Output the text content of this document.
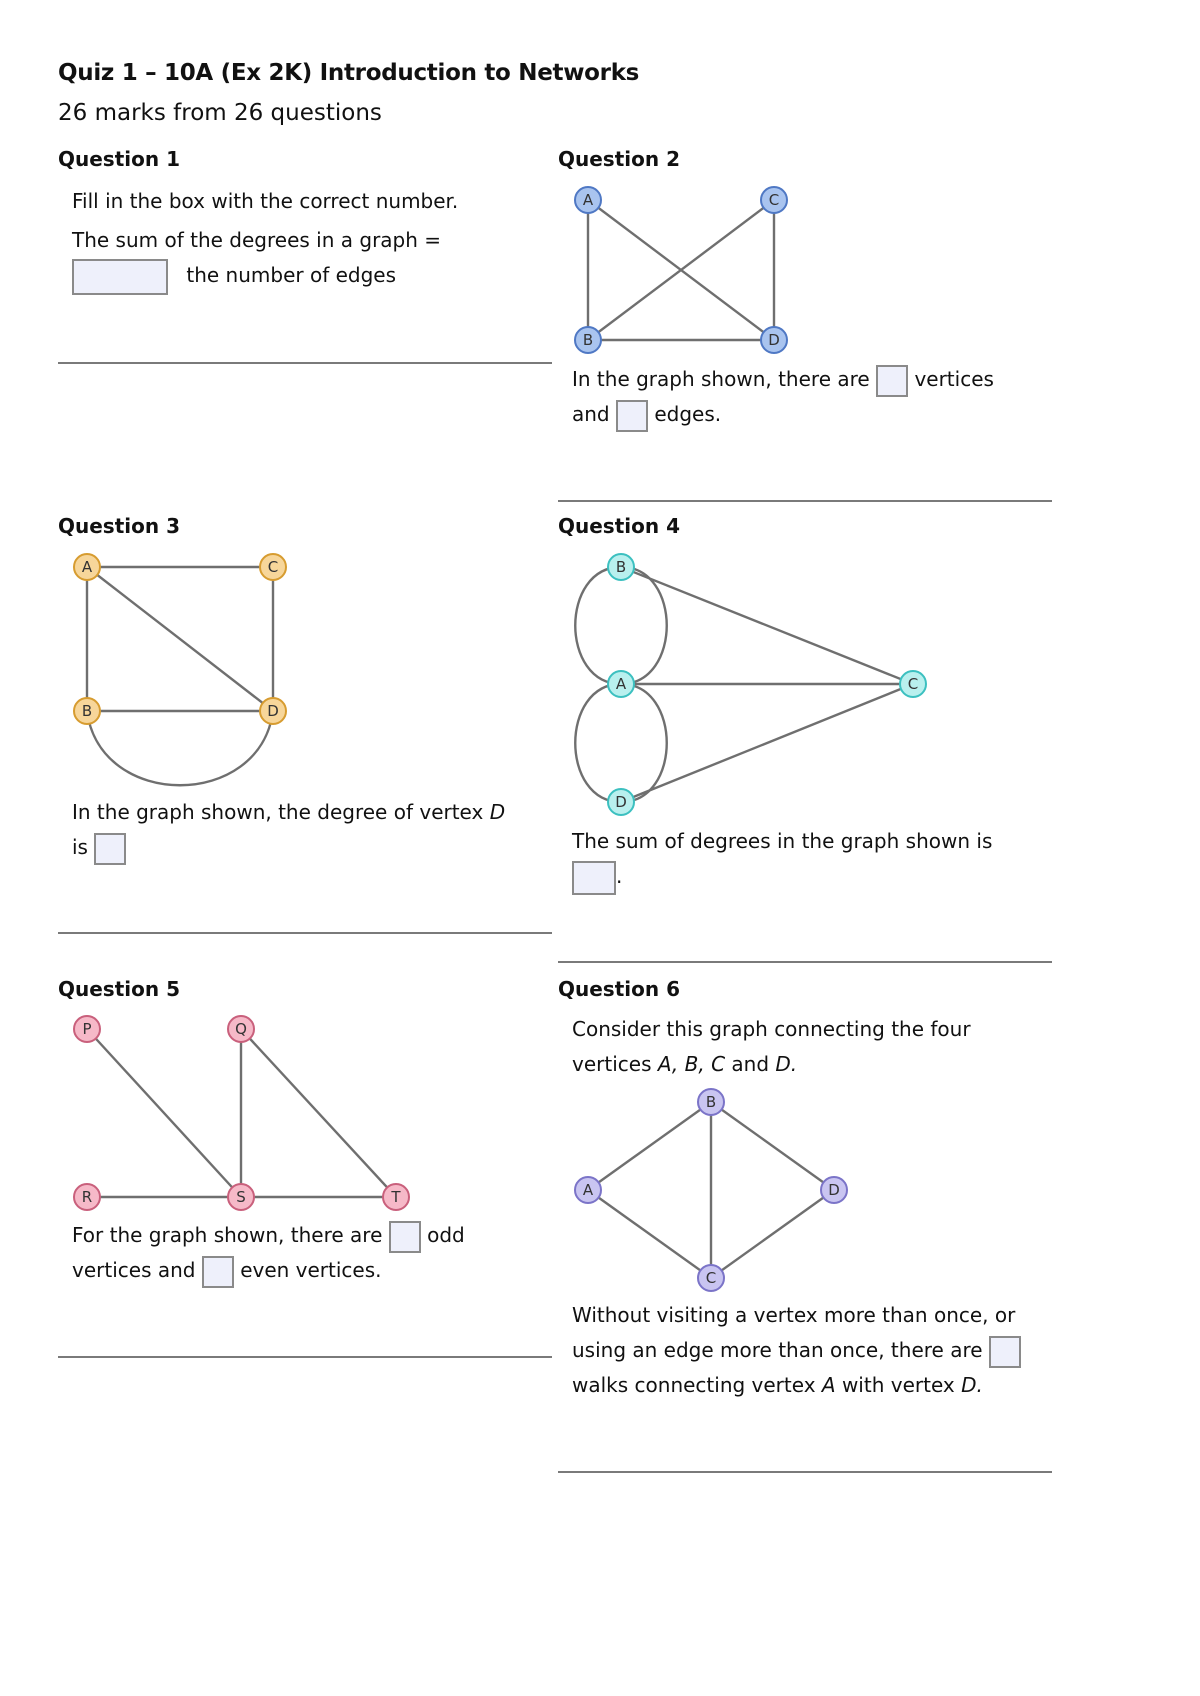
Quiz 1 – 10A (Ex 2K) Introduction to Networks
26 marks from 26 questions
Question 1
Fill in the box with the correct number.
The sum of the degrees in a graph =
the number of edges
Question 2
A	C
B	D
In the graph shown, there are vertices
and edges.
Question 3
A	C
B	D
In the graph shown, the degree of vertex D
is
Question 4
B
A	C
D
The sum of degrees in the graph shown is
.
Question 5
P	Q
R	S	T
For the graph shown, there are odd
vertices and even vertices.
Question 6
Consider this graph connecting the four
vertices A, B, C and D.
B
A	D
C
Without visiting a vertex more than once, or
using an edge more than once, there are
walks connecting vertex A with vertex D.
